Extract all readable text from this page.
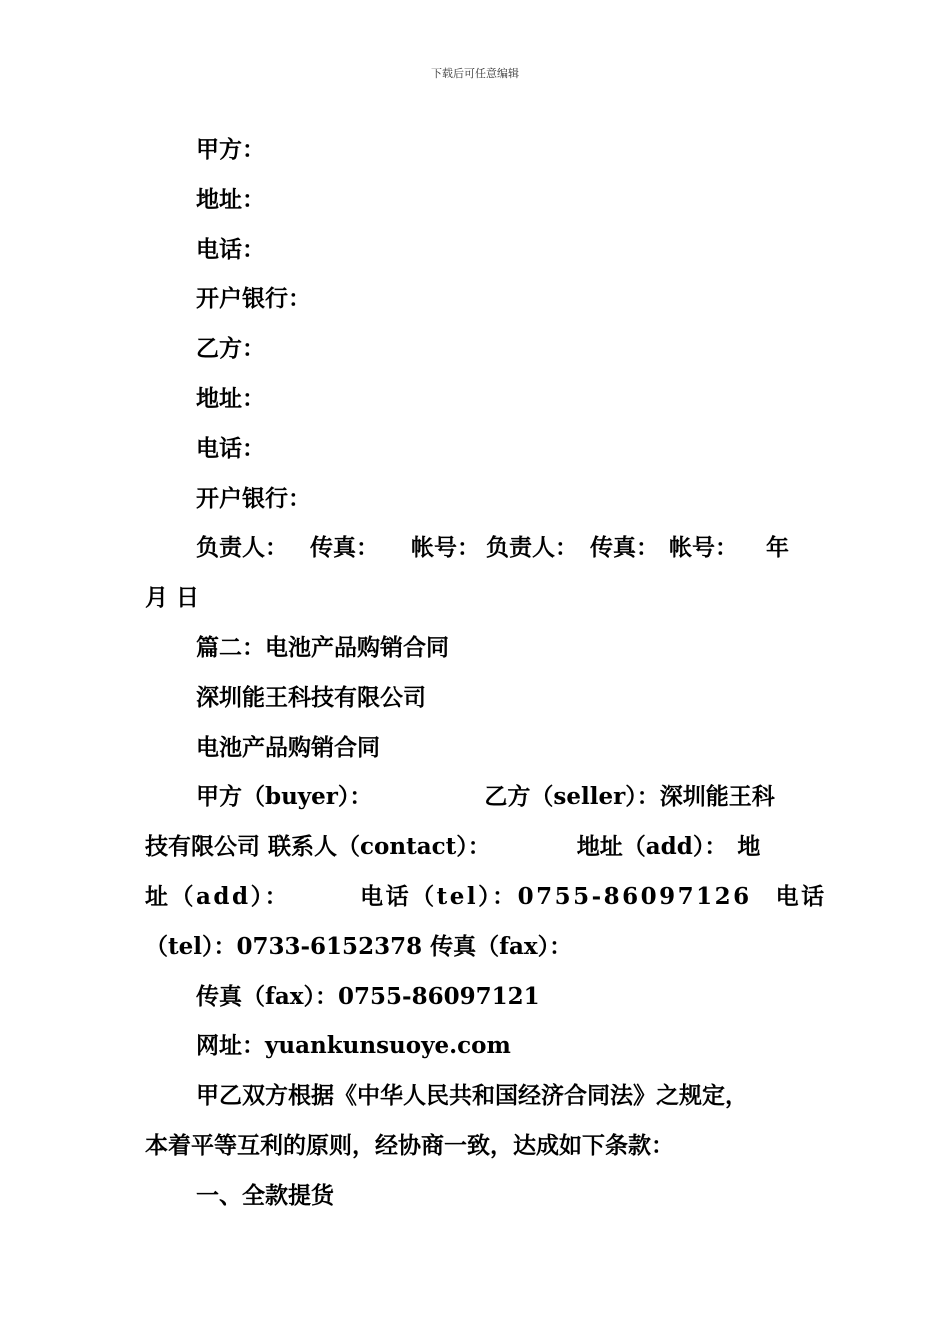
下载后可任意编辑

甲方：

地址：

电话：

开户银行：

乙方：

地址：

电话：

开户银行：

负责人： 传真： 帐号： 负责人： 传真： 帐号： 年

月 日

篇二：电池产品购销合同

深圳能王科技有限公司

电池产品购销合同

甲方（buyer）：	乙方（seller）：深圳能王科

技有限公司 联系人（contact）：	地址（add）： 地

址（add）：	电话（tel）：0755-86097126 电话

（tel）：0733-6152378 传真（fax）：

传真（fax）：0755-86097121

网址：yuankunsuoye.com

甲乙双方根据《中华人民共和国经济合同法》之规定，

本着平等互利的原则，经协商一致，达成如下条款：

一、全款提货
